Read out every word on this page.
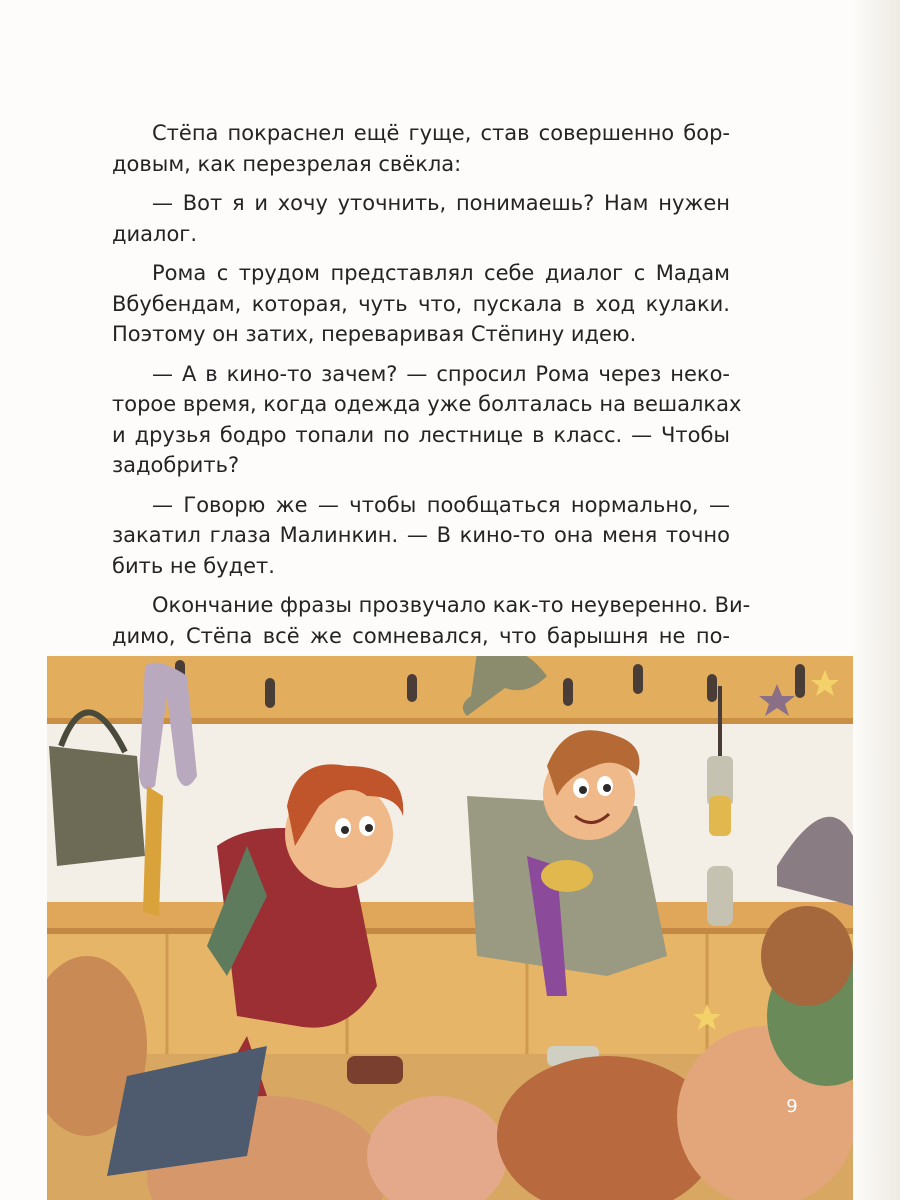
Стёпа покраснел ещё гуще, став совершенно бор-
довым, как перезрелая свёкла:
— Вот я и хочу уточнить, понимаешь? Нам нужен
диалог.
Рома с трудом представлял себе диалог с Мадам
Вбубендам, которая, чуть что, пускала в ход кулаки.
Поэтому он затих, переваривая Стёпину идею.
— А в кино-то зачем? — спросил Рома через неко-
торое время, когда одежда уже болталась на вешалках
и друзья бодро топали по лестнице в класс. — Чтобы
задобрить?
— Говорю же — чтобы пообщаться нормально, —
закатил глаза Малинкин. — В кино-то она меня точно
бить не будет.
Окончание фразы прозвучало как-то неуверенно. Ви-
димо, Стёпа всё же сомневался, что барышня не по-
9
